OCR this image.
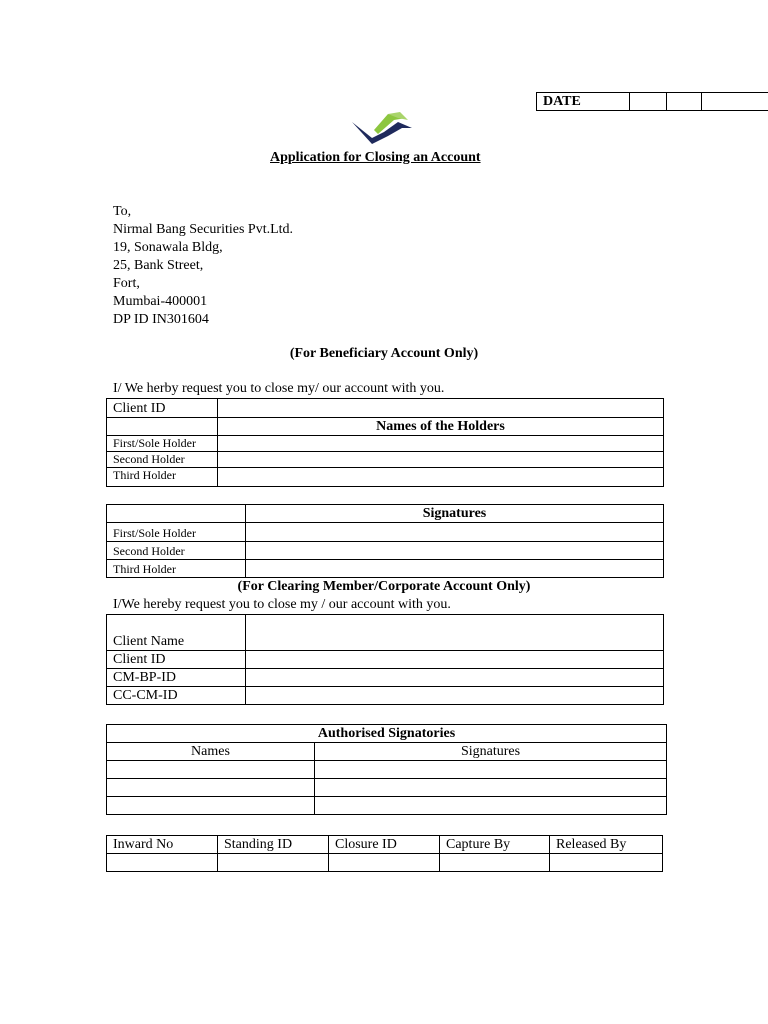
DATE			
Application for Closing an Account
To,
Nirmal Bang Securities Pvt.Ltd.
19, Sonawala Bldg,
25, Bank Street,
Fort,
Mumbai-400001
DP ID IN301604
(For Beneficiary Account Only)
I/ We herby request you to close my/ our account with you.
Client ID	
	Names of the Holders
First/Sole Holder	
Second Holder	
Third Holder	
	Signatures
First/Sole Holder	
Second Holder	
Third Holder	
(For Clearing Member/Corporate Account Only)
I/We hereby request you to close my / our account with you.
Client Name	
Client ID	
CM-BP-ID	
CC-CM-ID	
Authorised Signatories	
Names	Signatures

Inward No	Standing ID	Closure ID	Capture By	Released By
